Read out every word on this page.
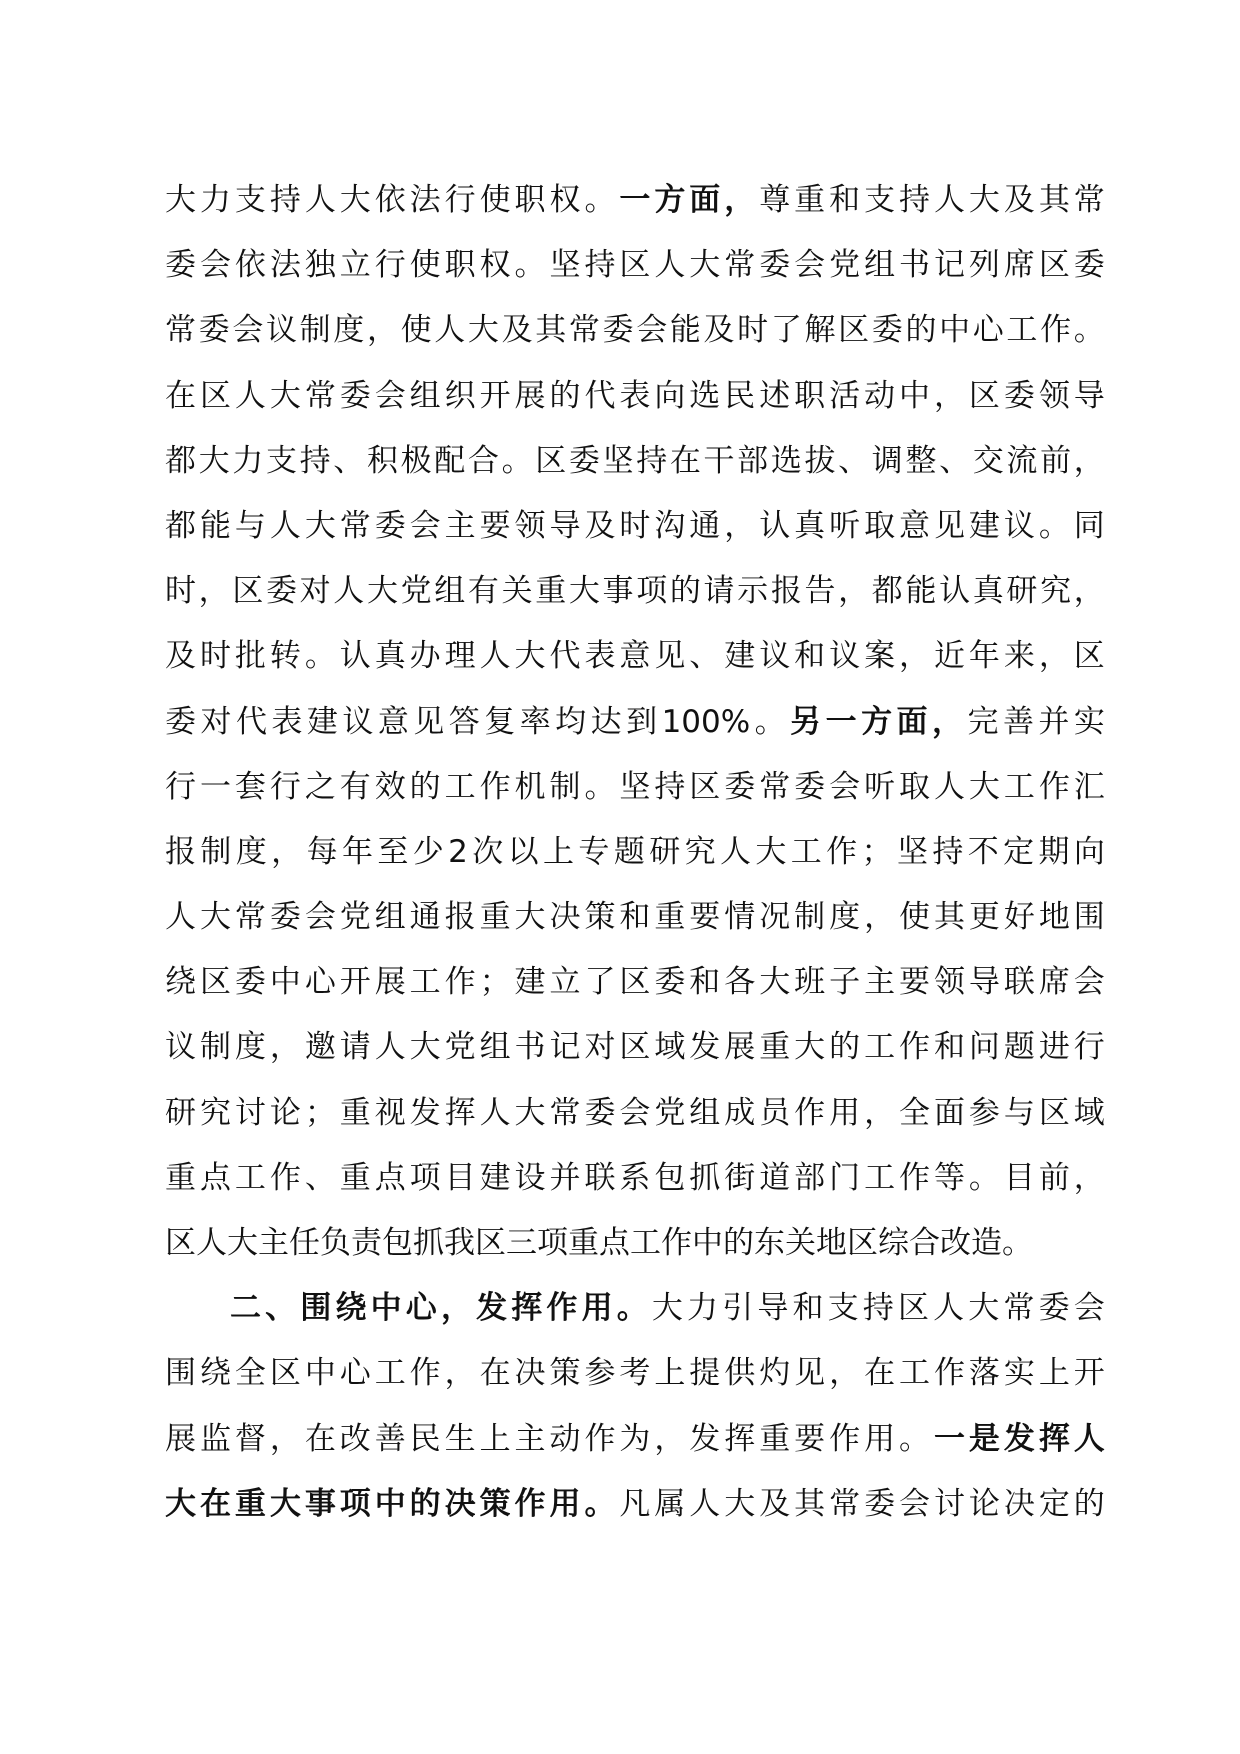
大 力 支 持 人 大 依 法 行 使 职 权 。 一 方 面 ， 尊 重 和 支 持 人 大 及 其 常
委 会 依 法 独 立 行 使 职 权 。 坚 持 区 人 大 常 委 会 党 组 书 记 列 席 区 委
常 委 会 议 制 度 ， 使 人 大 及 其 常 委 会 能 及 时 了 解 区 委 的 中 心 工 作 。
在 区 人 大 常 委 会 组 织 开 展 的 代 表 向 选 民 述 职 活 动 中 ， 区 委 领 导
都 大 力 支 持 、 积 极 配 合 。 区 委 坚 持 在 干 部 选 拔 、 调 整 、 交 流 前 ，
都 能 与 人 大 常 委 会 主 要 领 导 及 时 沟 通 ， 认 真 听 取 意 见 建 议 。 同
时 ， 区 委 对 人 大 党 组 有 关 重 大 事 项 的 请 示 报 告 ， 都 能 认 真 研 究 ，
及 时 批 转 。 认 真 办 理 人 大 代 表 意 见 、 建 议 和 议 案 ， 近 年 来 ， 区
委 对 代 表 建 议 意 见 答 复 率 均 达 到 100% 。 另 一 方 面 ， 完 善 并 实
行 一 套 行 之 有 效 的 工 作 机 制 。 坚 持 区 委 常 委 会 听 取 人 大 工 作 汇
报 制 度 ， 每 年 至 少 2 次 以 上 专 题 研 究 人 大 工 作 ； 坚 持 不 定 期 向
人 大 常 委 会 党 组 通 报 重 大 决 策 和 重 要 情 况 制 度 ， 使 其 更 好 地 围
绕 区 委 中 心 开 展 工 作 ； 建 立 了 区 委 和 各 大 班 子 主 要 领 导 联 席 会
议 制 度 ， 邀 请 人 大 党 组 书 记 对 区 域 发 展 重 大 的 工 作 和 问 题 进 行
研 究 讨 论 ； 重 视 发 挥 人 大 常 委 会 党 组 成 员 作 用 ， 全 面 参 与 区 域
重 点 工 作 、 重 点 项 目 建 设 并 联 系 包 抓 街 道 部 门 工 作 等 。 目 前 ，
区人大主任负责包抓我区三项重点工作中的东关地区综合改造。
二 、 围 绕 中 心 ， 发 挥 作 用 。 大 力 引 导 和 支 持 区 人 大 常 委 会
围 绕 全 区 中 心 工 作 ， 在 决 策 参 考 上 提 供 灼 见 ， 在 工 作 落 实 上 开
展 监 督 ， 在 改 善 民 生 上 主 动 作 为 ， 发 挥 重 要 作 用 。 一 是 发 挥 人
大 在 重 大 事 项 中 的 决 策 作 用 。 凡 属 人 大 及 其 常 委 会 讨 论 决 定 的
